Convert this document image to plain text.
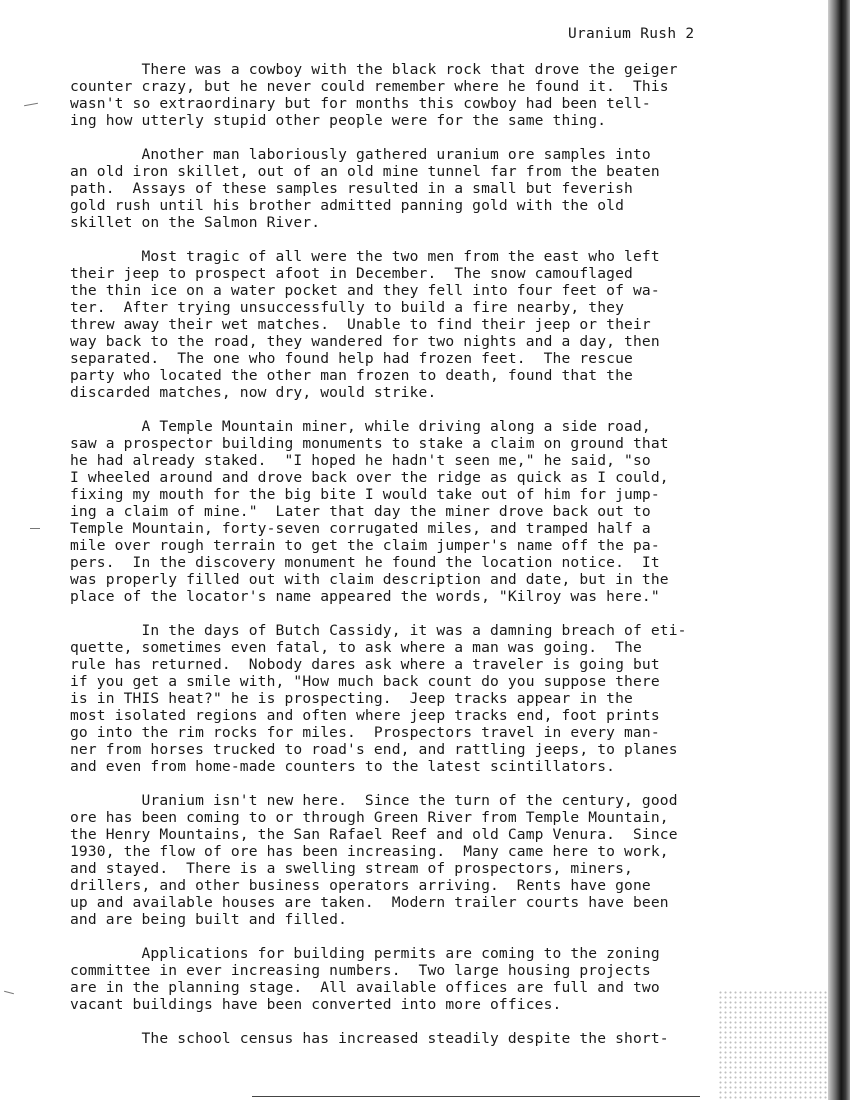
Uranium Rush 2
There was a cowboy with the black rock that drove the geiger
counter crazy, but he never could remember where he found it.  This
wasn't so extraordinary but for months this cowboy had been tell-
ing how utterly stupid other people were for the same thing.
Another man laboriously gathered uranium ore samples into
an old iron skillet, out of an old mine tunnel far from the beaten
path.  Assays of these samples resulted in a small but feverish
gold rush until his brother admitted panning gold with the old
skillet on the Salmon River.
Most tragic of all were the two men from the east who left
their jeep to prospect afoot in December.  The snow camouflaged
the thin ice on a water pocket and they fell into four feet of wa-
ter.  After trying unsuccessfully to build a fire nearby, they
threw away their wet matches.  Unable to find their jeep or their
way back to the road, they wandered for two nights and a day, then
separated.  The one who found help had frozen feet.  The rescue
party who located the other man frozen to death, found that the
discarded matches, now dry, would strike.
A Temple Mountain miner, while driving along a side road,
saw a prospector building monuments to stake a claim on ground that
he had already staked.  "I hoped he hadn't seen me," he said, "so
I wheeled around and drove back over the ridge as quick as I could,
fixing my mouth for the big bite I would take out of him for jump-
ing a claim of mine."  Later that day the miner drove back out to
Temple Mountain, forty-seven corrugated miles, and tramped half a
mile over rough terrain to get the claim jumper's name off the pa-
pers.  In the discovery monument he found the location notice.  It
was properly filled out with claim description and date, but in the
place of the locator's name appeared the words, "Kilroy was here."
In the days of Butch Cassidy, it was a damning breach of eti-
quette, sometimes even fatal, to ask where a man was going.  The
rule has returned.  Nobody dares ask where a traveler is going but
if you get a smile with, "How much back count do you suppose there
is in THIS heat?" he is prospecting.  Jeep tracks appear in the
most isolated regions and often where jeep tracks end, foot prints
go into the rim rocks for miles.  Prospectors travel in every man-
ner from horses trucked to road's end, and rattling jeeps, to planes
and even from home-made counters to the latest scintillators.
Uranium isn't new here.  Since the turn of the century, good
ore has been coming to or through Green River from Temple Mountain,
the Henry Mountains, the San Rafael Reef and old Camp Venura.  Since
1930, the flow of ore has been increasing.  Many came here to work,
and stayed.  There is a swelling stream of prospectors, miners,
drillers, and other business operators arriving.  Rents have gone
up and available houses are taken.  Modern trailer courts have been
and are being built and filled.
Applications for building permits are coming to the zoning
committee in ever increasing numbers.  Two large housing projects
are in the planning stage.  All available offices are full and two
vacant buildings have been converted into more offices.
The school census has increased steadily despite the short-
